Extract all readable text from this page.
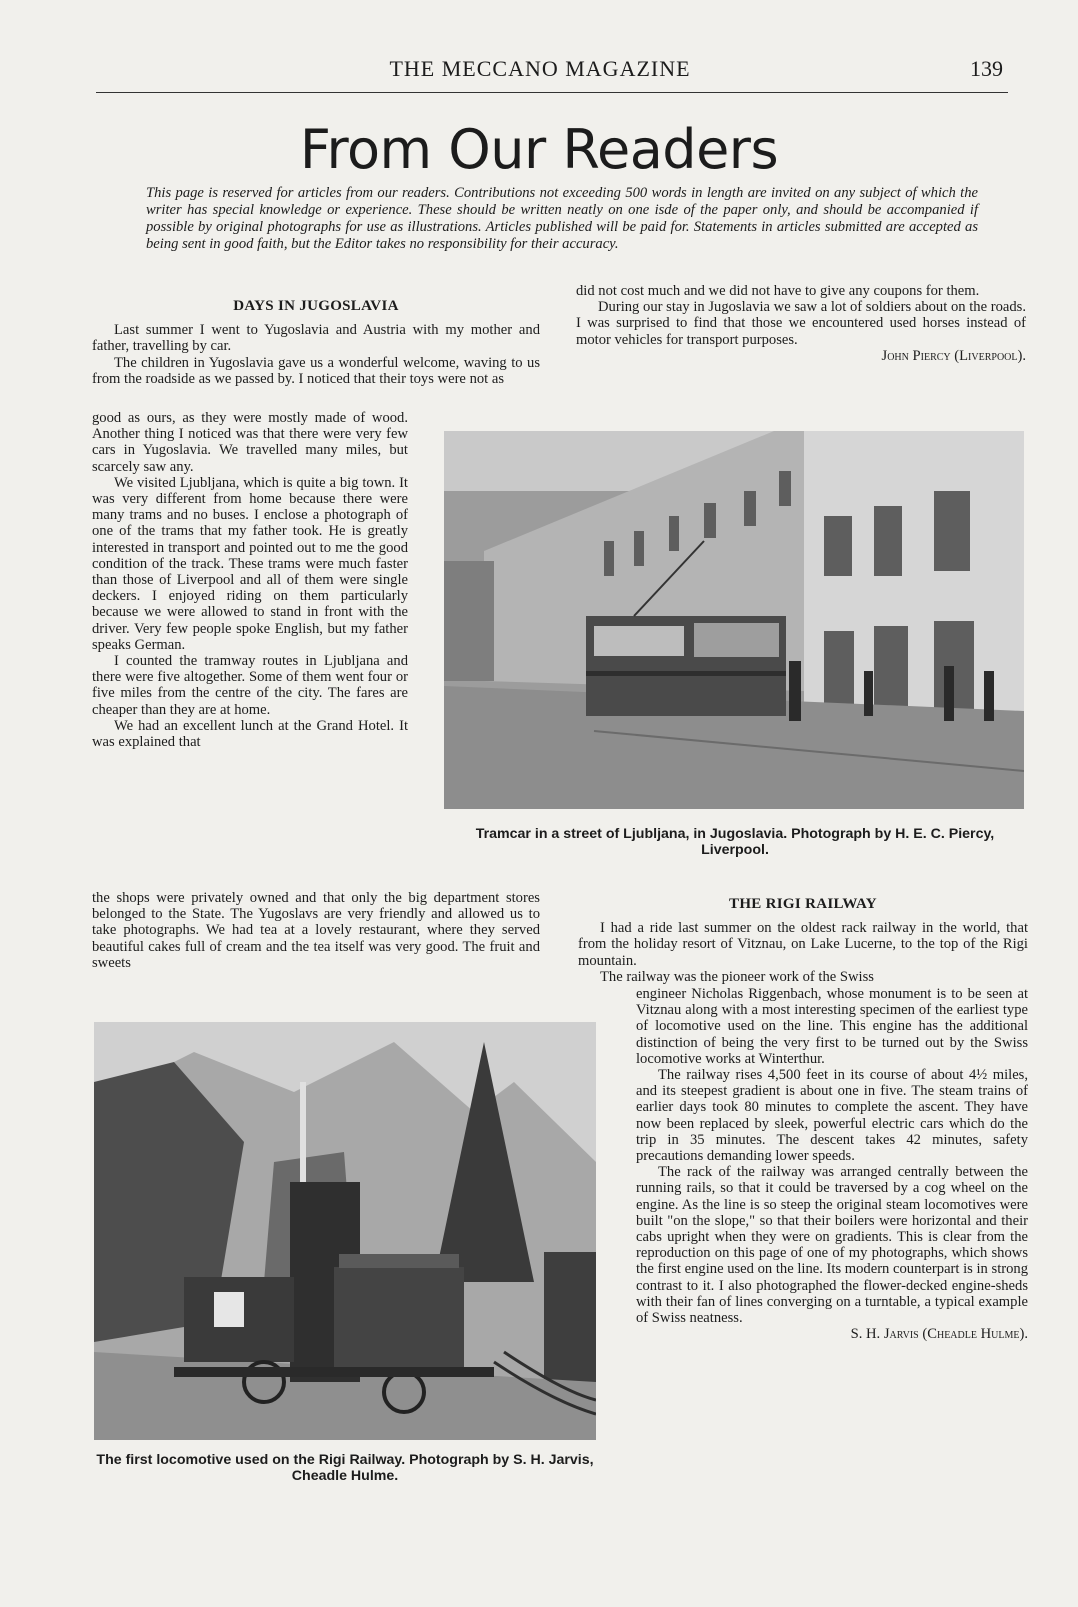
THE MECCANO MAGAZINE	139
From Our Readers
This page is reserved for articles from our readers. Contributions not exceeding 500 words in length are invited on any subject of which the writer has special knowledge or experience. These should be written neatly on one isde of the paper only, and should be accompanied if possible by original photographs for use as illustrations. Articles published will be paid for. Statements in articles submitted are accepted as being sent in good faith, but the Editor takes no responsibility for their accuracy.
DAYS IN JUGOSLAVIA

Last summer I went to Yugoslavia and Austria with my mother and father, travelling by car.

The children in Yugoslavia gave us a wonderful welcome, waving to us from the roadside as we passed by. I noticed that their toys were not as

good as ours, as they were mostly made of wood. Another thing I noticed was that there were very few cars in Yugoslavia. We travelled many miles, but scarcely saw any.

We visited Ljubljana, which is quite a big town. It was very different from home because there were many trams and no buses. I enclose a photograph of one of the trams that my father took. He is greatly interested in transport and pointed out to me the good condition of the track. These trams were much faster than those of Liverpool and all of them were single deckers. I enjoyed riding on them particularly because we were allowed to stand in front with the driver. Very few people spoke English, but my father speaks German.

I counted the tramway routes in Ljubljana and there were five altogether. Some of them went four or five miles from the centre of the city. The fares are cheaper than they are at home.

We had an excellent lunch at the Grand Hotel. It was explained that

the shops were privately owned and that only the big department stores belonged to the State. The Yugoslavs are very friendly and allowed us to take photographs. We had tea at a lovely restaurant, where they served beautiful cakes full of cream and the tea itself was very good. The fruit and sweets

did not cost much and we did not have to give any coupons for them.

During our stay in Jugoslavia we saw a lot of soldiers about on the roads. I was surprised to find that those we encountered used horses instead of motor vehicles for transport purposes.

John Piercy (Liverpool).
Tramcar in a street of Ljubljana, in Jugoslavia. Photograph by H. E. C. Piercy, Liverpool.
THE RIGI RAILWAY

I had a ride last summer on the oldest rack railway in the world, that from the holiday resort of Vitznau, on Lake Lucerne, to the top of the Rigi mountain.

The railway was the pioneer work of the Swiss

engineer Nicholas Riggenbach, whose monument is to be seen at Vitznau along with a most interesting specimen of the earliest type of locomotive used on the line. This engine has the additional distinction of being the very first to be turned out by the Swiss locomotive works at Winterthur.

The railway rises 4,500 feet in its course of about 4½ miles, and its steepest gradient is about one in five. The steam trains of earlier days took 80 minutes to complete the ascent. They have now been replaced by sleek, powerful electric cars which do the trip in 35 minutes. The descent takes 42 minutes, safety precautions demanding lower speeds.

The rack of the railway was arranged centrally between the running rails, so that it could be traversed by a cog wheel on the engine. As the line is so steep the original steam locomotives were built "on the slope," so that their boilers were horizontal and their cabs upright when they were on gradients. This is clear from the reproduction on this page of one of my photographs, which shows the first engine used on the line. Its modern counterpart is in strong contrast to it. I also photographed the flower-decked engine-sheds with their fan of lines converging on a turntable, a typical example of Swiss neatness.

S. H. Jarvis (Cheadle Hulme).
The first locomotive used on the Rigi Railway. Photograph by S. H. Jarvis, Cheadle Hulme.
